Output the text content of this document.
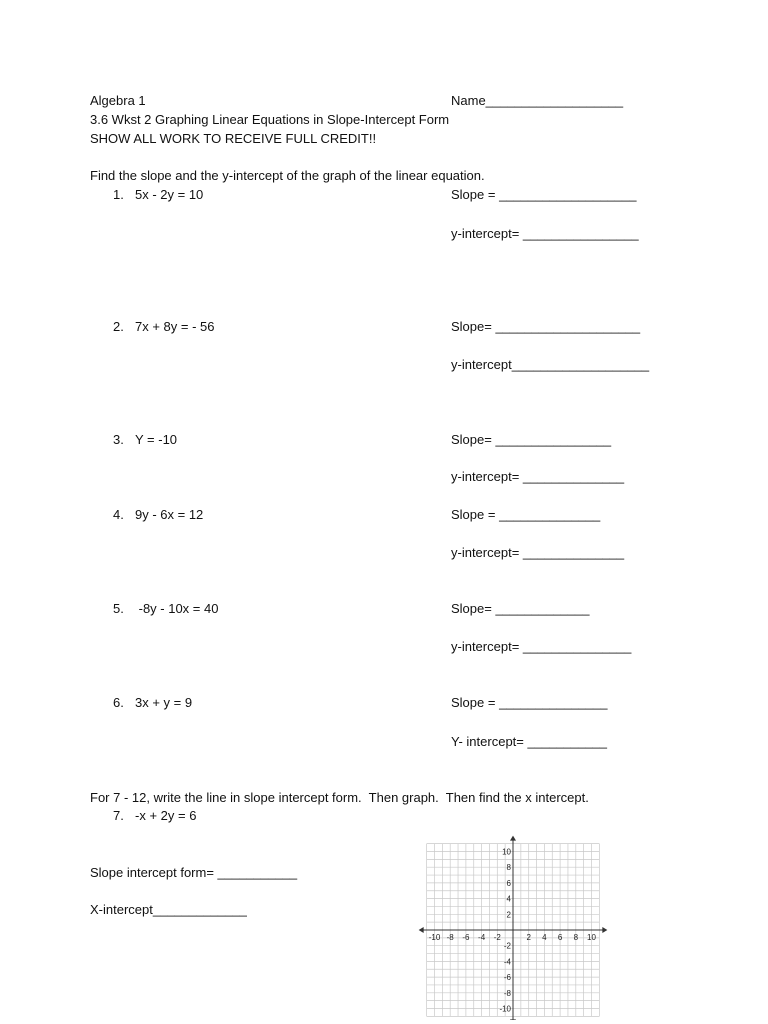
Algebra 1	Name___________________
3.6 Wkst 2 Graphing Linear Equations in Slope-Intercept Form
SHOW ALL WORK TO RECEIVE FULL CREDIT!!
Find the slope and the y-intercept of the graph of the linear equation.
1. 5x - 2y = 10	Slope = ___________________
y-intercept= ________________
2. 7x + 8y = - 56	Slope= ____________________
y-intercept___________________
3. Y = -10	Slope= ________________
y-intercept= ______________
4. 9y - 6x = 12	Slope = ______________
y-intercept= ______________
5. -8y - 10x = 40	Slope= _____________
y-intercept= _______________
6. 3x + y = 9	Slope = _______________
Y- intercept= ___________
For 7 - 12, write the line in slope intercept form.  Then graph.  Then find the x intercept.
7. -x + 2y = 6
Slope intercept form= ___________
X-intercept_____________
-10 -8 -6 -4 -2	2 4 6 8 10
10
8
6
4
2
-2
-4
-6
-8
-10
